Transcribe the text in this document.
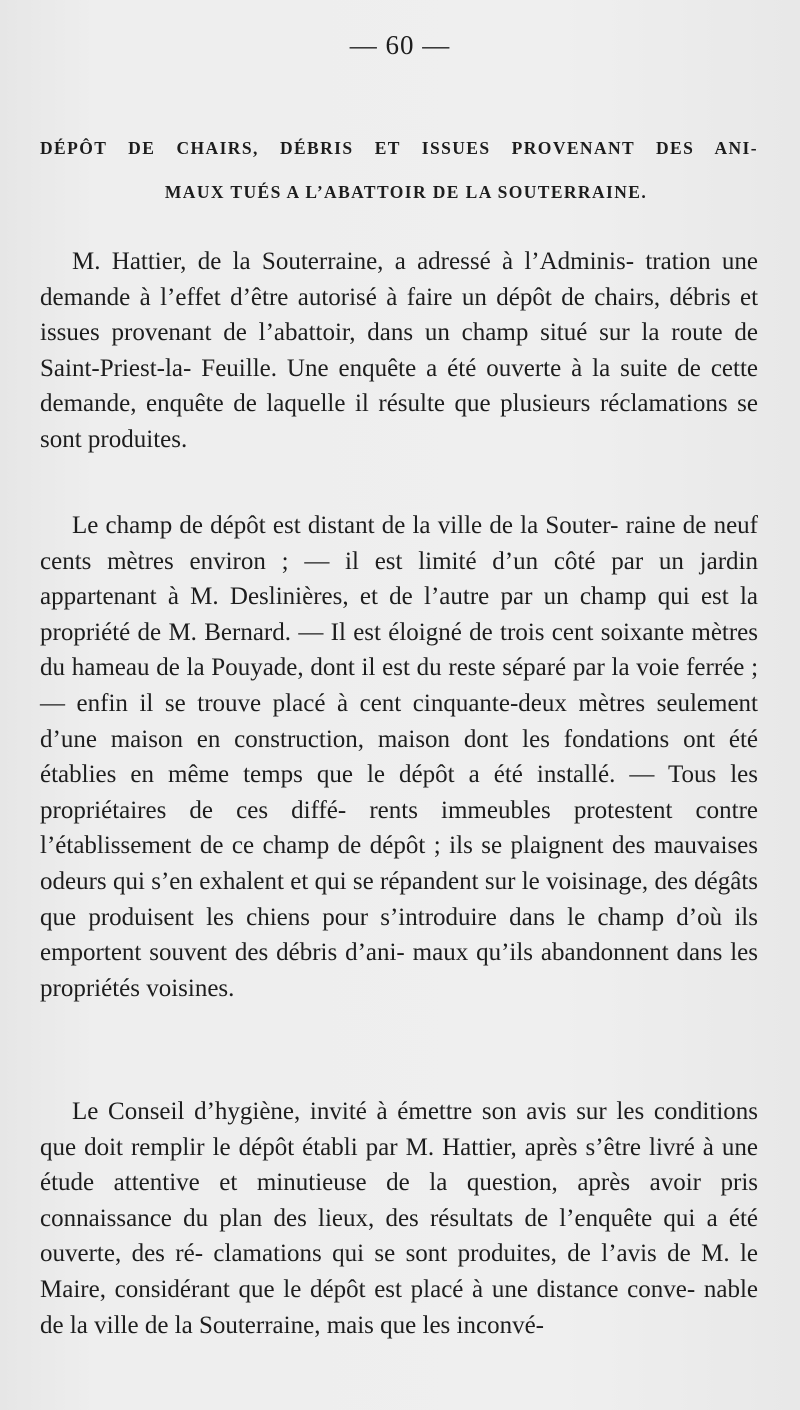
— 60 —
DÉPÔT DE CHAIRS, DÉBRIS ET ISSUES PROVENANT DES ANI-
MAUX TUÉS A L’ABATTOIR DE LA SOUTERRAINE.
M. Hattier, de la Souterraine, a adressé à l’Adminis- tration une demande à l’effet d’être autorisé à faire un dépôt de chairs, débris et issues provenant de l’abattoir, dans un champ situé sur la route de Saint-Priest-la- Feuille. Une enquête a été ouverte à la suite de cette demande, enquête de laquelle il résulte que plusieurs réclamations se sont produites.
Le champ de dépôt est distant de la ville de la Souter- raine de neuf cents mètres environ ; — il est limité d’un côté par un jardin appartenant à M. Deslinières, et de l’autre par un champ qui est la propriété de M. Bernard. — Il est éloigné de trois cent soixante mètres du hameau de la Pouyade, dont il est du reste séparé par la voie ferrée ; — enfin il se trouve placé à cent cinquante-deux mètres seulement d’une maison en construction, maison dont les fondations ont été établies en même temps que le dépôt a été installé. — Tous les propriétaires de ces diffé- rents immeubles protestent contre l’établissement de ce champ de dépôt ; ils se plaignent des mauvaises odeurs qui s’en exhalent et qui se répandent sur le voisinage, des dégâts que produisent les chiens pour s’introduire dans le champ d’où ils emportent souvent des débris d’ani- maux qu’ils abandonnent dans les propriétés voisines.
Le Conseil d’hygiène, invité à émettre son avis sur les conditions que doit remplir le dépôt établi par M. Hattier, après s’être livré à une étude attentive et minutieuse de la question, après avoir pris connaissance du plan des lieux, des résultats de l’enquête qui a été ouverte, des ré- clamations qui se sont produites, de l’avis de M. le Maire, considérant que le dépôt est placé à une distance conve- nable de la ville de la Souterraine, mais que les inconvé-
